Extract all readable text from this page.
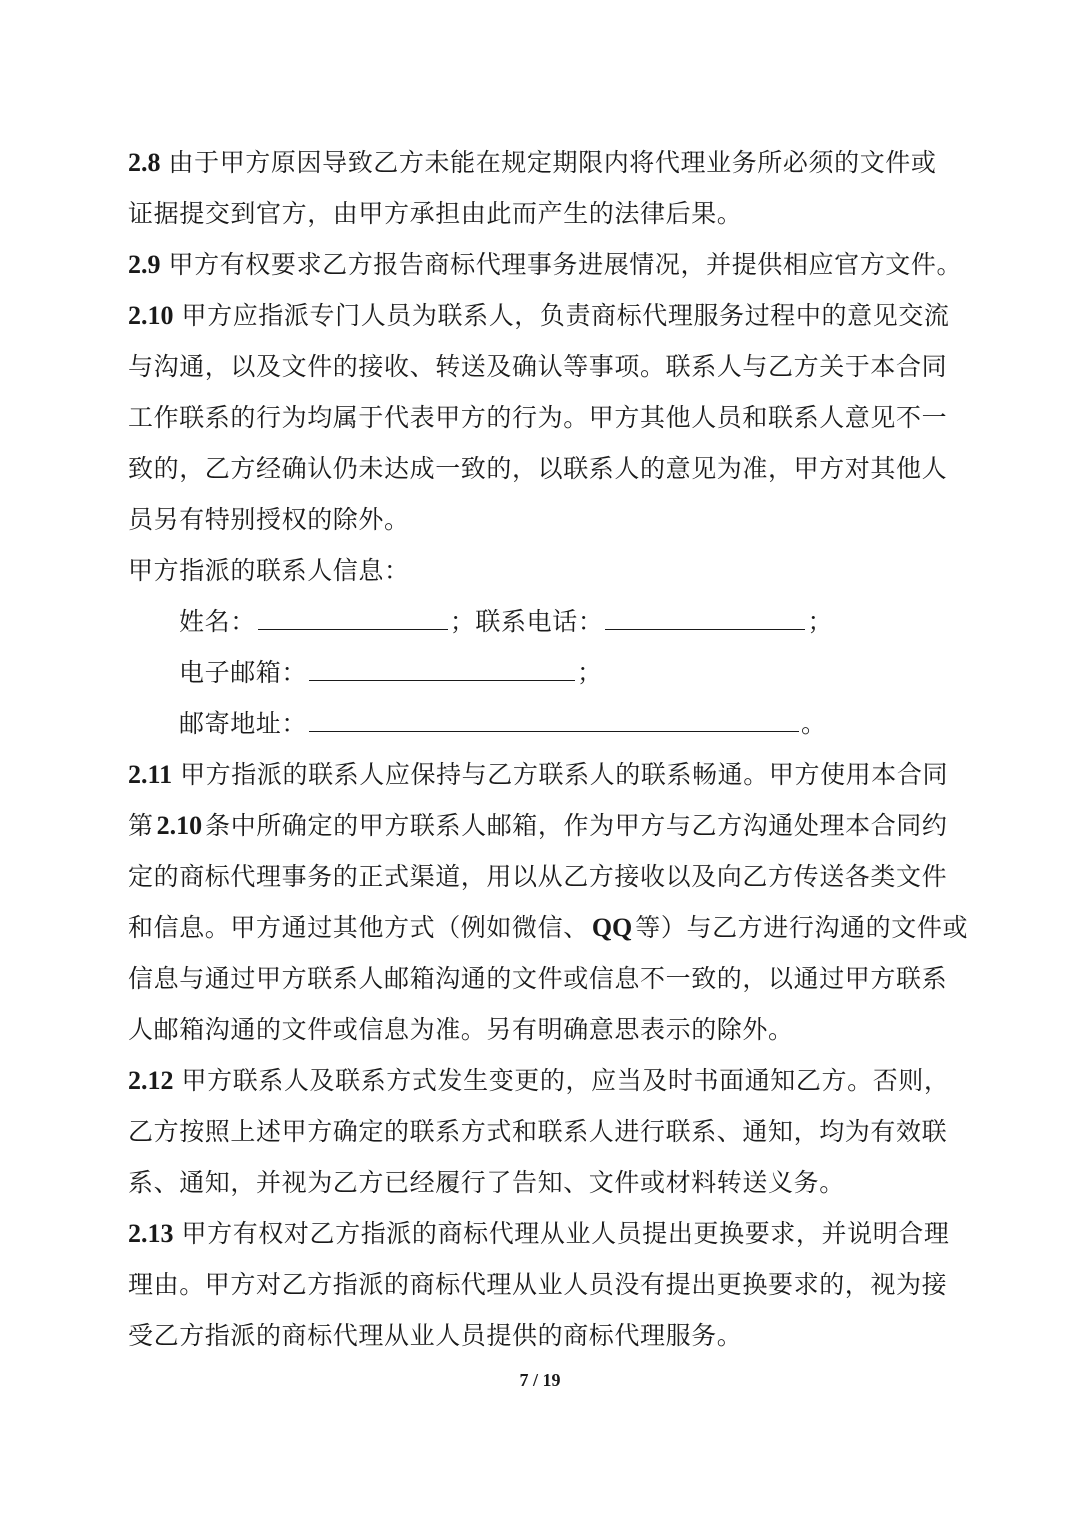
2.8 由于甲方原因导致乙方未能在规定期限内将代理业务所必须的文件或
证据提交到官方，由甲方承担由此而产生的法律后果。
2.9 甲方有权要求乙方报告商标代理事务进展情况，并提供相应官方文件。
2.10 甲方应指派专门人员为联系人，负责商标代理服务过程中的意见交流
与沟通，以及文件的接收、转送及确认等事项。联系人与乙方关于本合同
工作联系的行为均属于代表甲方的行为。甲方其他人员和联系人意见不一
致的，乙方经确认仍未达成一致的，以联系人的意见为准，甲方对其他人
员另有特别授权的除外。
甲方指派的联系人信息：
姓名：	；联系电话：	；
电子邮箱：	；
邮寄地址：	。
2.11 甲方指派的联系人应保持与乙方联系人的联系畅通。甲方使用本合同
第 2.10 条中所确定的甲方联系人邮箱，作为甲方与乙方沟通处理本合同约
定的商标代理事务的正式渠道，用以从乙方接收以及向乙方传送各类文件
和信息。甲方通过其他方式（例如微信、 QQ 等）与乙方进行沟通的文件或
信息与通过甲方联系人邮箱沟通的文件或信息不一致的，以通过甲方联系
人邮箱沟通的文件或信息为准。另有明确意思表示的除外。
2.12 甲方联系人及联系方式发生变更的，应当及时书面通知乙方。否则，
乙方按照上述甲方确定的联系方式和联系人进行联系、通知，均为有效联
系、通知，并视为乙方已经履行了告知、文件或材料转送义务。
2.13 甲方有权对乙方指派的商标代理从业人员提出更换要求，并说明合理
理由。甲方对乙方指派的商标代理从业人员没有提出更换要求的，视为接
受乙方指派的商标代理从业人员提供的商标代理服务。
7 / 19
